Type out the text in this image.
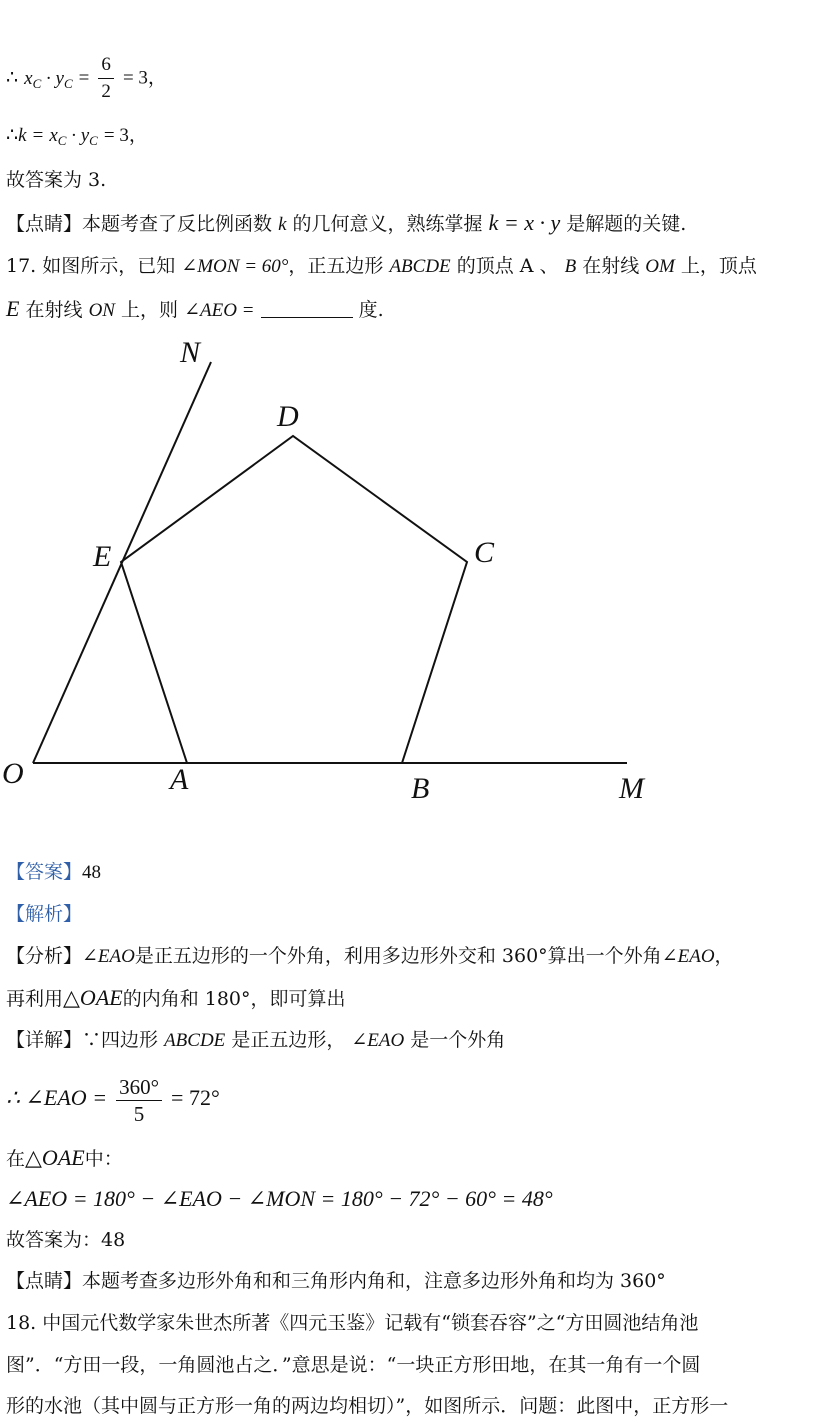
∴ $x_C \cdot y_C = \frac{6}{2} = 3$，
∴k = $x_C \cdot y_C = 3$，
故答案为 3.
【点睛】本题考查了反比例函数 k 的几何意义，熟练掌握 k = x · y 是解题的关键.
17. 如图所示，已知 ∠MON = 60°，正五边形 ABCDE 的顶点 A 、 B 在射线 OM 上，顶点
E 在射线 ON 上，则 ∠AEO =	度.
N
D
E	C
O	A	B	M
【答案】48
【解析】
【分析】∠EAO是正五边形的一个外角，利用多边形外交和 360°算出一个外角∠EAO，
再利用△OAE的内角和 180°，即可算出
【详解】∵四边形 ABCDE 是正五边形， ∠EAO 是一个外角
∴ ∠EAO = $\frac{360^\circ}{5} = 72^\circ$
在△OAE中：
∠AEO = 180° − ∠EAO − ∠MON = 180° − 72° − 60° = 48°
故答案为：48
【点睛】本题考查多边形外角和和三角形内角和，注意多边形外角和均为 360°
18. 中国元代数学家朱世杰所著《四元玉鉴》记载有“锁套吞容”之“方田圆池结角池
图”．“方田一段，一角圆池占之．”意思是说：“一块正方形田地，在其一角有一个圆
形的水池（其中圆与正方形一角的两边均相切）”，如图所示．问题：此图中，正方形一
